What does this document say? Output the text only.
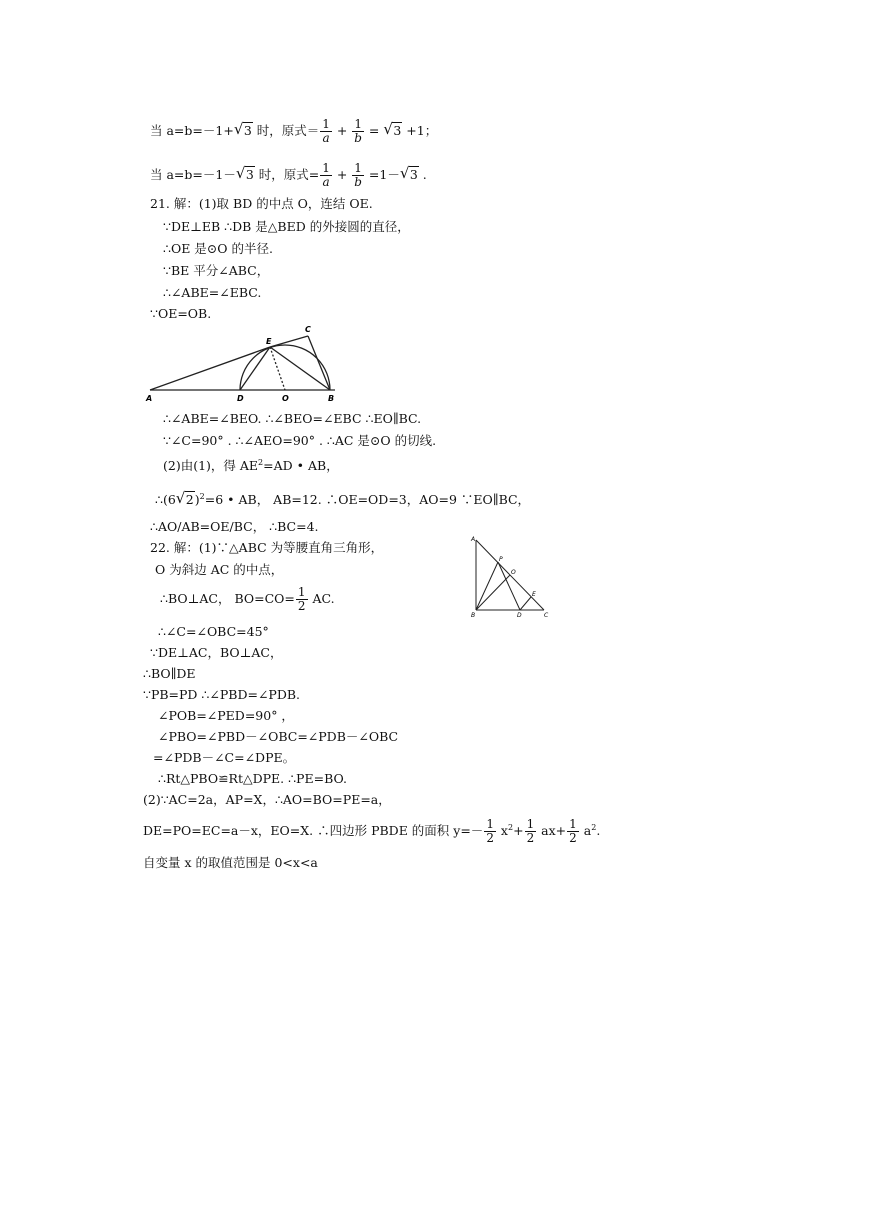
当 a=b=－1+ √ 3 时，原式＝ $\frac{1}{a} + \frac{1}{b}$ = √ 3 +1；
当 a=b=－1－ √ 3 时，原式= $\frac{1}{a} + \frac{1}{b} =1-$ √ 3 .
21. 解：(1)取 BD 的中点 O，连结 OE.
∵DE⊥EB ∴DB 是△BED 的外接圆的直径，
∴OE 是⊙O 的半径.
∵BE 平分∠ABC，
∴∠ABE=∠EBC.
∵OE=OB.
A	D	O	B
E
C
∴∠ABE=∠BEO. ∴∠BEO=∠EBC ∴EO∥BC.
∵∠C=90° . ∴∠AEO=90° . ∴AC 是⊙O 的切线.
(2)由(1)，得 $AE^2=AD$ • AB，
∴(6 √ 2)$^2$=6 • AB， AB=12. ∴OE=OD=3，AO=9 ∵EO∥BC，
∴AO/AB=OE/BC， ∴BC=4.
22. 解：(1)∵△ABC 为等腰直角三角形，
O 为斜边 AC 的中点，
∴BO⊥AC， $BO=CO= \frac{1}{2}$ AC.
A
P
O
E
B	D	C
∴∠C=∠OBC=45°
∵DE⊥AC，BO⊥AC，
∴BO∥DE
∵PB=PD ∴∠PBD=∠PDB.
∠POB=∠PED=90° ，
∠PBO=∠PBD－∠OBC=∠PDB－∠OBC
=∠PDB－∠C=∠DPE。
∴Rt△PBO≌Rt△DPE. ∴PE=BO.
(2)∵AC=2a，AP=X，∴AO=BO=PE=a，
DE=PO=EC=a－x，EO=X. ∴四边形 PBDE 的面积 $y=- \frac{1}{2} x^2+ \frac{1}{2} ax+ \frac{1}{2} a^2$.
自变量 x 的取值范围是 0<x<a
